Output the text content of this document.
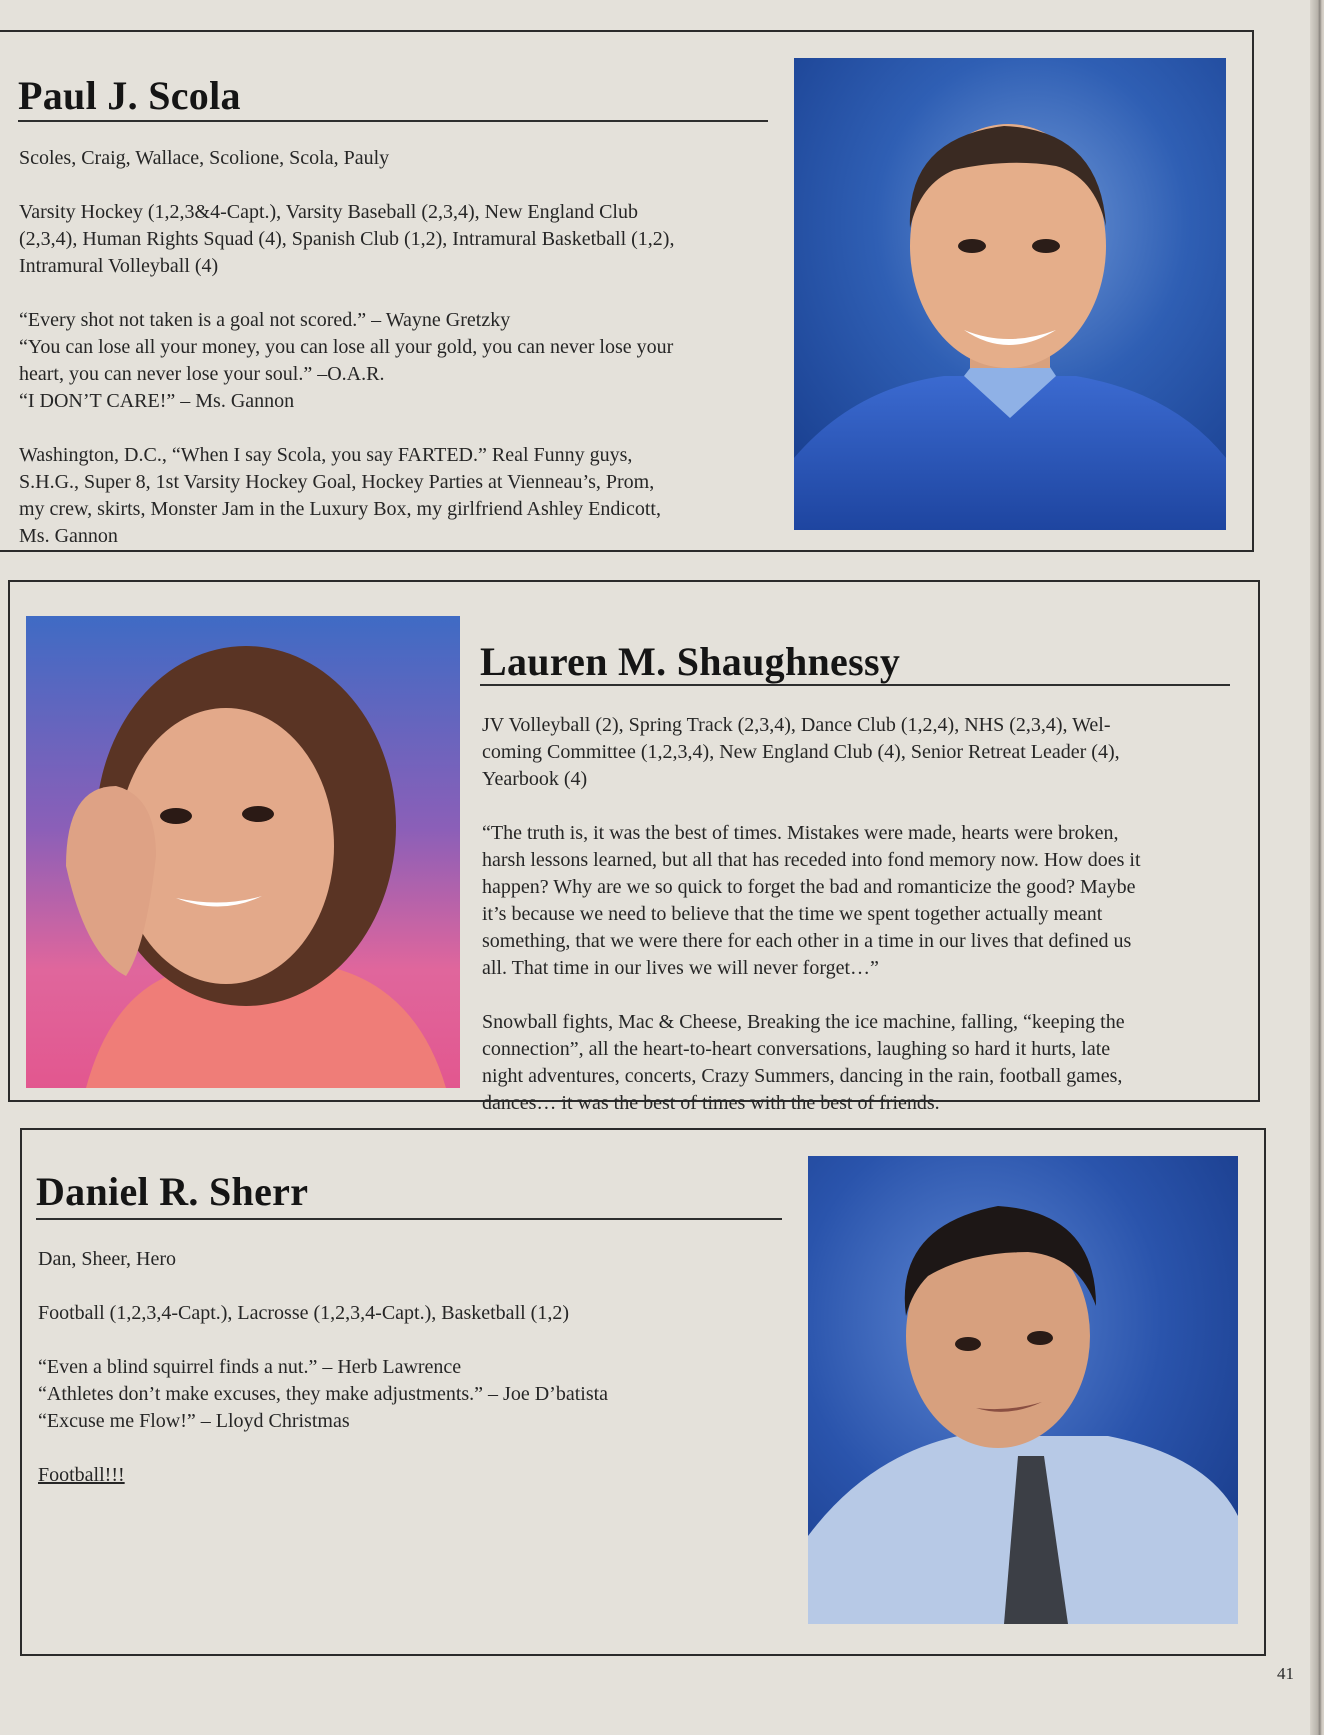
Paul J. Scola

Scoles, Craig, Wallace, Scolione, Scola, Pauly

Varsity Hockey (1,2,3&4-Capt.), Varsity Baseball (2,3,4), New England Club
(2,3,4), Human Rights Squad (4), Spanish Club (1,2), Intramural Basketball (1,2),
Intramural Volleyball (4)

“Every shot not taken is a goal not scored.” – Wayne Gretzky
“You can lose all your money, you can lose all your gold, you can never lose your
heart, you can never lose your soul.” –O.A.R.
“I DON’T CARE!” – Ms. Gannon

Washington, D.C., “When I say Scola, you say FARTED.” Real Funny guys,
S.H.G., Super 8, 1st Varsity Hockey Goal, Hockey Parties at Vienneau’s, Prom,
my crew, skirts, Monster Jam in the Luxury Box, my girlfriend Ashley Endicott,
Ms. Gannon

Lauren M. Shaughnessy

JV Volleyball (2), Spring Track (2,3,4), Dance Club (1,2,4), NHS (2,3,4), Wel-
coming Committee (1,2,3,4), New England Club (4), Senior Retreat Leader (4),
Yearbook (4)

“The truth is, it was the best of times. Mistakes were made, hearts were broken,
harsh lessons learned, but all that has receded into fond memory now. How does it
happen? Why are we so quick to forget the bad and romanticize the good? Maybe
it’s because we need to believe that the time we spent together actually meant
something, that we were there for each other in a time in our lives that defined us
all. That time in our lives we will never forget…”

Snowball fights, Mac & Cheese, Breaking the ice machine, falling, “keeping the
connection”, all the heart-to-heart conversations, laughing so hard it hurts, late
night adventures, concerts, Crazy Summers, dancing in the rain, football games,
dances… it was the best of times with the best of friends.

Daniel R. Sherr

Dan, Sheer, Hero

Football (1,2,3,4-Capt.), Lacrosse (1,2,3,4-Capt.), Basketball (1,2)

“Even a blind squirrel finds a nut.” – Herb Lawrence
“Athletes don’t make excuses, they make adjustments.” – Joe D’batista
“Excuse me Flow!” – Lloyd Christmas

Football!!!

41
